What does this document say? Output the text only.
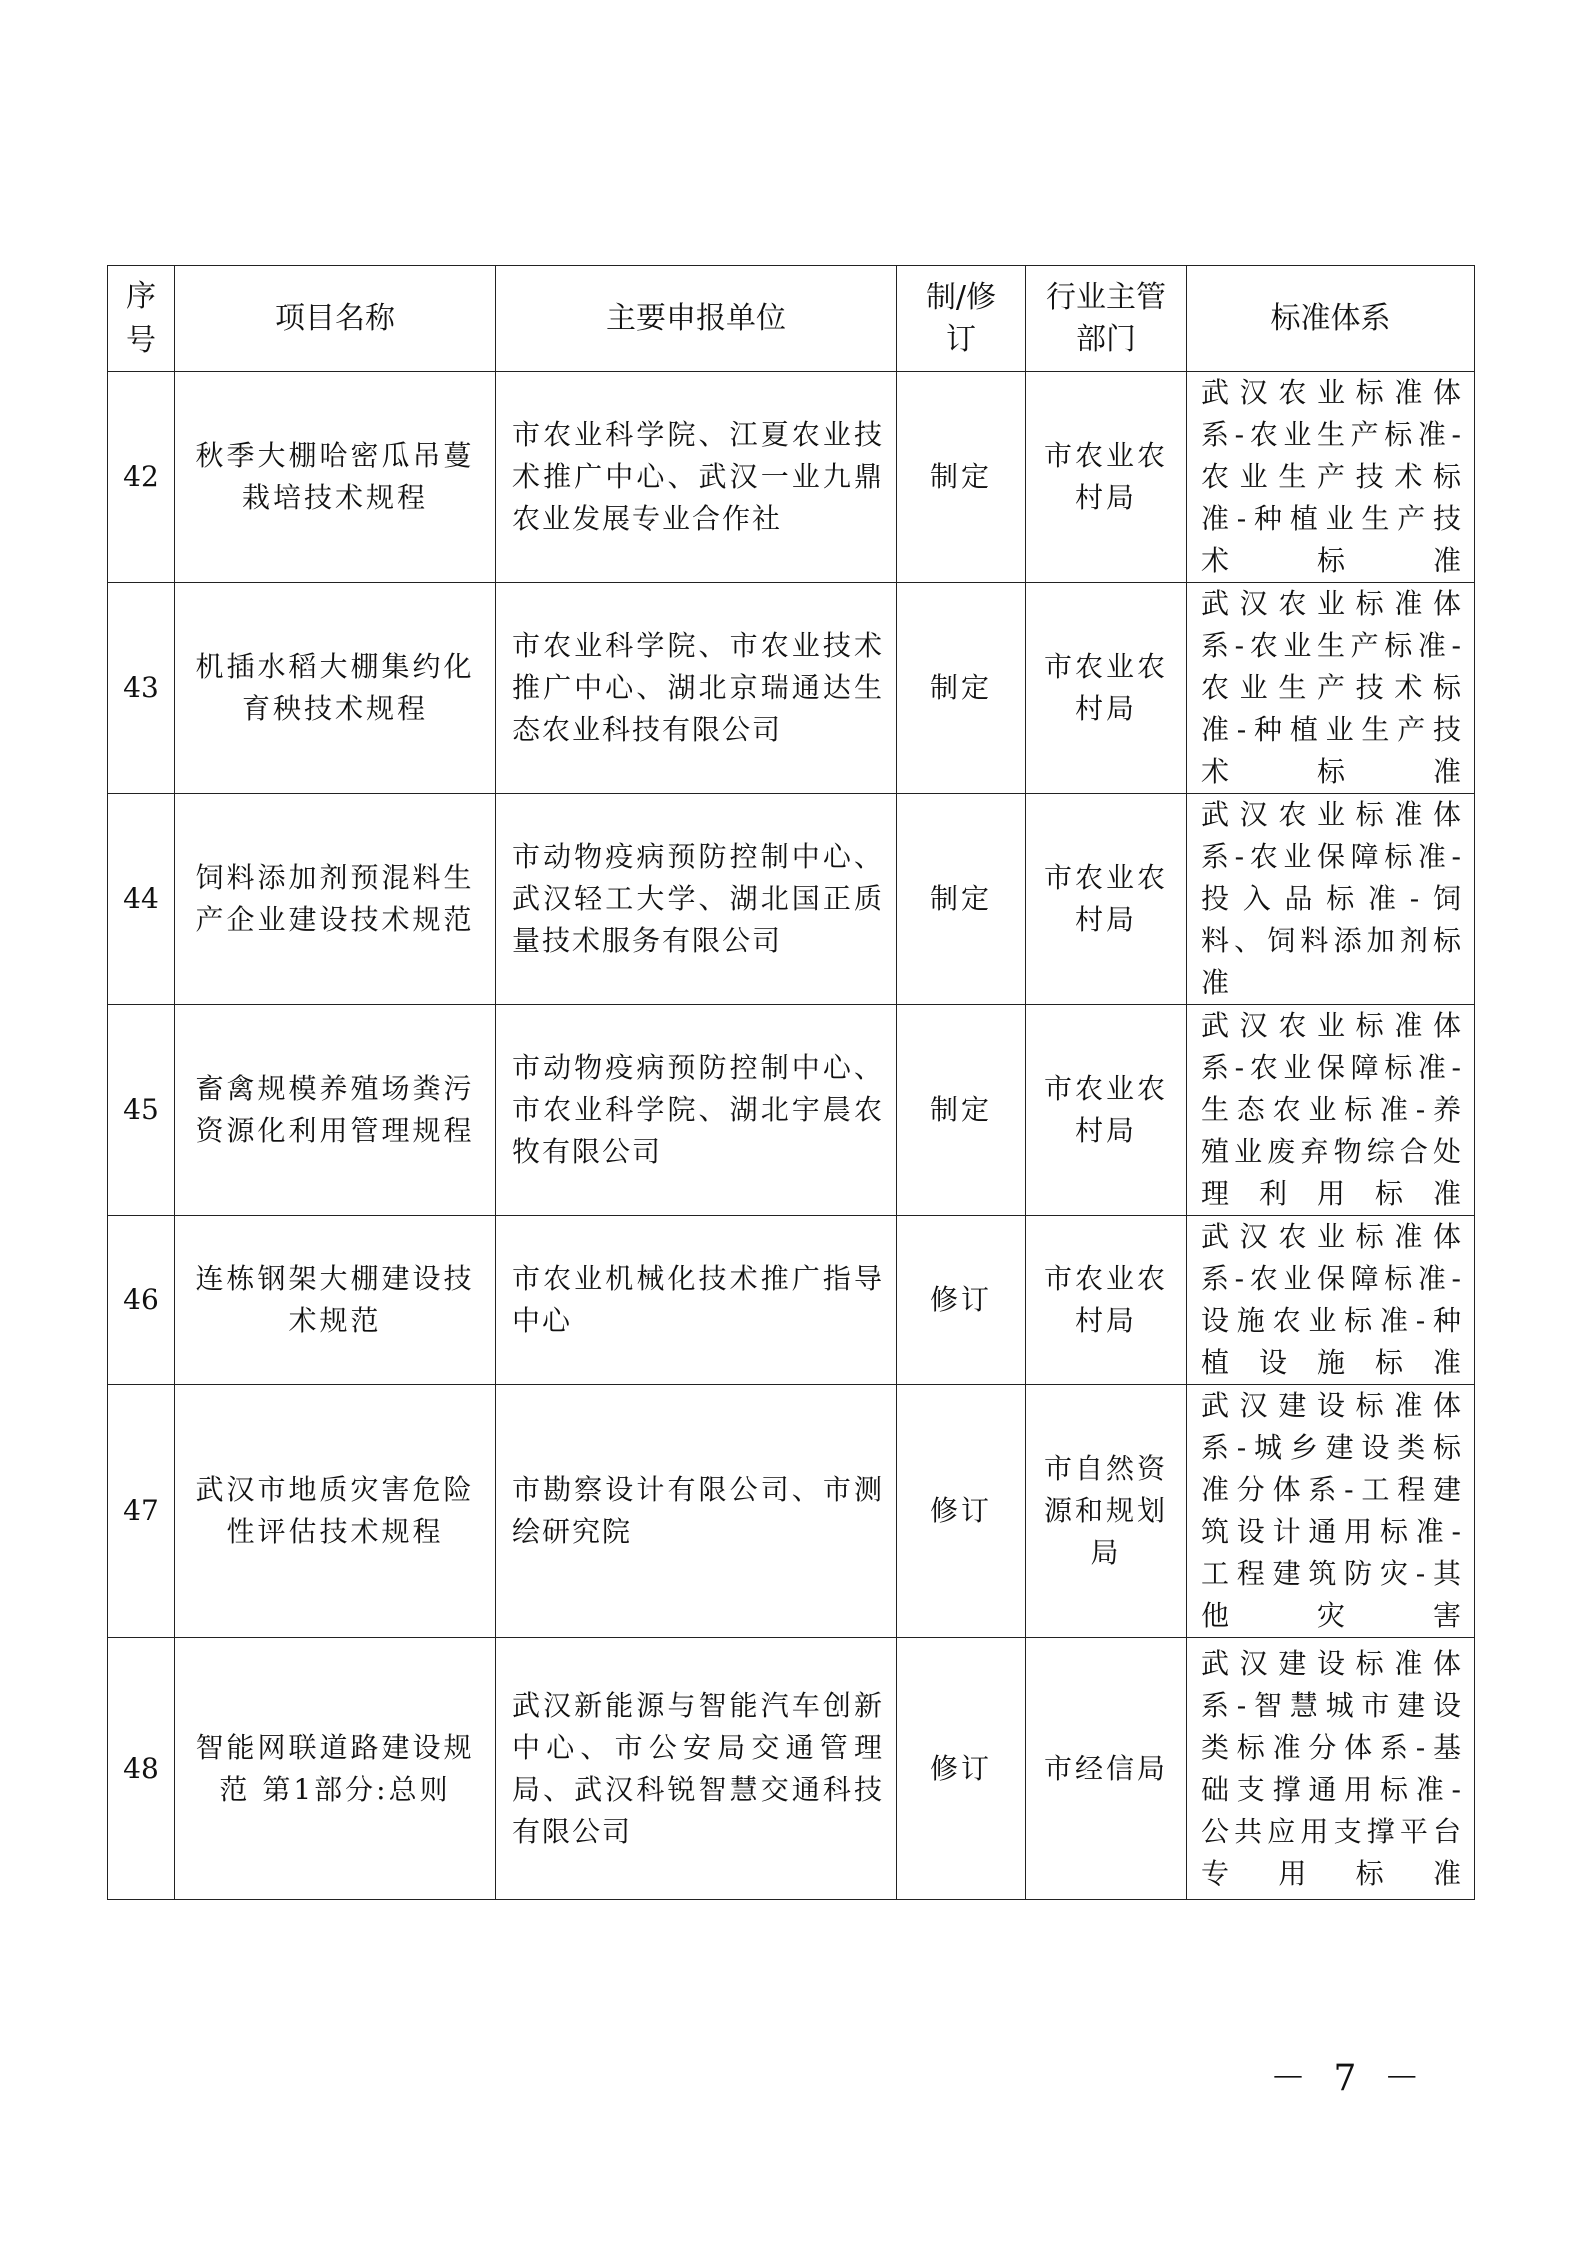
序号	项目名称	主要申报单位	制/修订	行业主管部门	标准体系
42	秋季大棚哈密瓜吊蔓栽培技术规程	市农业科学院、江夏农业技术推广中心、武汉一业九鼎农业发展专业合作社	制定	市农业农村局	武汉农业标准体系-农业生产标准-农业生产技术标准-种植业生产技术标准

43	机插水稻大棚集约化育秧技术规程	市农业科学院、市农业技术推广中心、湖北京瑞通达生态农业科技有限公司	制定	市农业农村局	武汉农业标准体系-农业生产标准-农业生产技术标准-种植业生产技术标准

44	饲料添加剂预混料生产企业建设技术规范	市动物疫病预防控制中心、武汉轻工大学、湖北国正质量技术服务有限公司	制定	市农业农村局	武汉农业标准体系-农业保障标准-投入品标准-饲料、饲料添加剂标准

45	畜禽规模养殖场粪污资源化利用管理规程	市动物疫病预防控制中心、市农业科学院、湖北宇晨农牧有限公司	制定	市农业农村局	武汉农业标准体系-农业保障标准-生态农业标准-养殖业废弃物综合处理利用标准

46	连栋钢架大棚建设技术规范	市农业机械化技术推广指导中心	修订	市农业农村局	武汉农业标准体系-农业保障标准-设施农业标准-种植设施标准

47	武汉市地质灾害危险性评估技术规程	市勘察设计有限公司、市测绘研究院	修订	市自然资源和规划局	武汉建设标准体系-城乡建设类标准分体系-工程建筑设计通用标准-工程建筑防灾-其他灾害

48	智能网联道路建设规范 第1部分:总则	武汉新能源与智能汽车创新中心、市公安局交通管理局、武汉科锐智慧交通科技有限公司	修订	市经信局	武汉建设标准体系-智慧城市建设类标准分体系-基础支撑通用标准-公共应用支撑平台专用标准
－ 7 －
